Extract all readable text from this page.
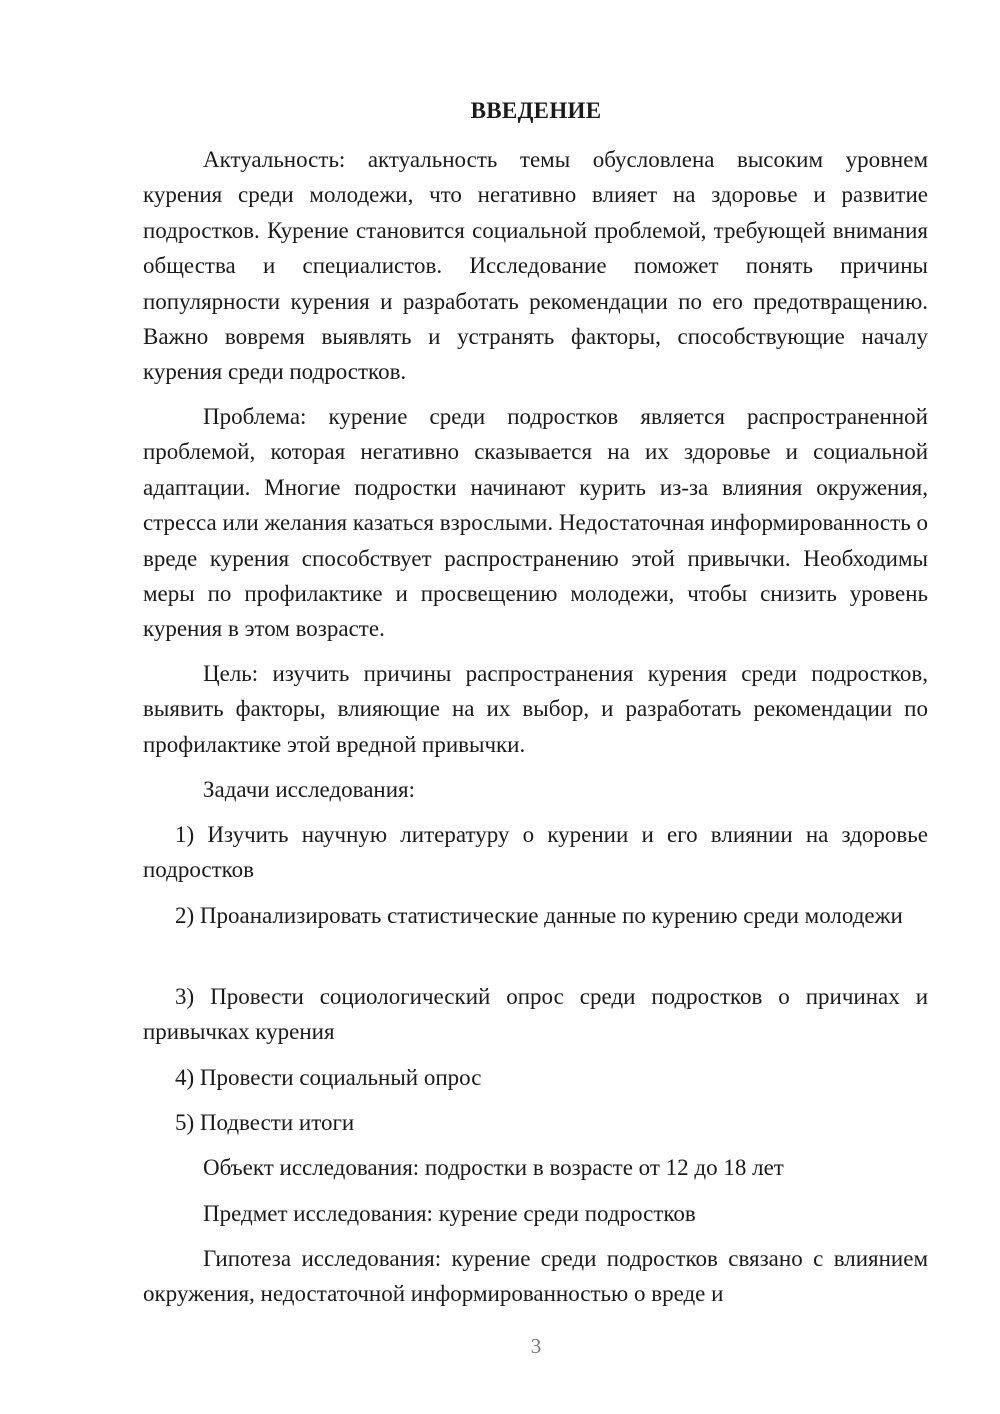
ВВЕДЕНИЕ

Актуальность: актуальность темы обусловлена высоким уровнем курения среди молодежи, что негативно влияет на здоровье и развитие подростков. Курение становится социальной проблемой, требующей внимания общества и специалистов. Исследование поможет понять причины популярности курения и разработать рекомендации по его предотвращению. Важно вовремя выявлять и устранять факторы, способствующие началу курения среди подростков.

Проблема: курение среди подростков является распространенной проблемой, которая негативно сказывается на их здоровье и социальной адаптации. Многие подростки начинают курить из-за влияния окружения, стресса или желания казаться взрослыми. Недостаточная информированность о вреде курения способствует распространению этой привычки. Необходимы меры по профилактике и просвещению молодежи, чтобы снизить уровень курения в этом возрасте.

Цель: изучить причины распространения курения среди подростков, выявить факторы, влияющие на их выбор, и разработать рекомендации по профилактике этой вредной привычки.

Задачи исследования:

1) Изучить научную литературу о курении и его влиянии на здоровье подростков

2) Проанализировать статистические данные по курению среди молодежи

3) Провести социологический опрос среди подростков о причинах и привычках курения

4) Провести социальный опрос

5) Подвести итоги

Объект исследования: подростки в возрасте от 12 до 18 лет

Предмет исследования: курение среди подростков

Гипотеза исследования: курение среди подростков связано с влиянием окружения, недостаточной информированностью о вреде и

3
